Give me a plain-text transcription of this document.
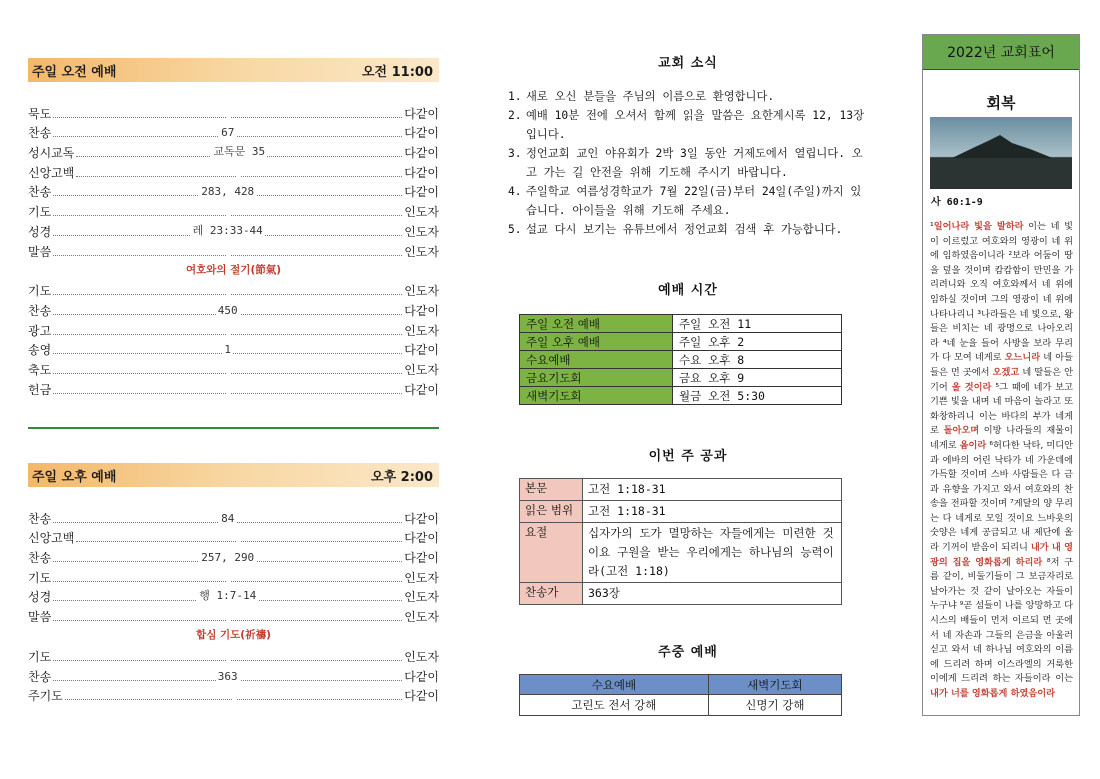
주일 오전 예배	오전 11:00
묵도	다같이
찬송	67	다같이
성시교독	교독문 35	다같이
신앙고백	다같이
찬송	283, 428	다같이
기도	인도자
성경	레 23:33-44	인도자
말씀	인도자
여호와의 절기(節氣)
기도	인도자
찬송	450	다같이
광고	인도자
송영	1	다같이
축도	인도자
헌금	다같이
주일 오후 예배	오후 2:00
찬송	84	다같이
신앙고백	다같이
찬송	257, 290	다같이
기도	인도자
성경	행 1:7-14	인도자
말씀	인도자
합심 기도(祈禱)
기도	인도자
찬송	363	다같이
주기도	다같이
교회 소식
1. 새로 오신 분들을 주님의 이름으로 환영합니다.
2. 예배 10분 전에 오셔서 함께 읽을 말씀은 요한계시록 12, 13장 입니다.
3. 정언교회 교인 야유회가 2박 3일 동안 거제도에서 열립니다. 오고 가는 길 안전을 위해 기도해 주시기 바랍니다.
4. 주일학교 여름성경학교가 7월 22일(금)부터 24일(주일)까지 있습니다. 아이들을 위해 기도해 주세요.
5. 설교 다시 보기는 유튜브에서 정언교회 검색 후 가능합니다.
예배 시간
주일 오전 예배	주일 오전 11
주일 오후 예배	주일 오후 2
수요예배	수요 오후 8
금요기도회	금요 오후 9
새벽기도회	월금 오전 5:30
이번 주 공과
본문	고전 1:18-31
읽은 범위	고전 1:18-31
요절	십자가의 도가 멸망하는 자들에게는 미련한 것이요 구원을 받는 우리에게는 하나님의 능력이라(고전 1:18)
찬송가	363장
주중 예배
수요예배	새벽기도회
고린도 전서 강해	신명기 강해
2022년 교회표어
회복
사 60:1-9
¹일어나라 빛을 발하라 이는 네 빛이 이르렀고 여호와의 영광이 네 위에 임하였음이니라 ²보라 어둠이 땅을 덮을 것이며 캄캄함이 만민을 가리려니와 오직 여호와께서 네 위에 임하실 것이며 그의 영광이 네 위에 나타나리니 ³나라들은 네 빛으로, 왕들은 비치는 네 광명으로 나아오리라 ⁴네 눈을 들어 사방을 보라 무리가 다 모여 네게로 오느니라 네 아들들은 먼 곳에서 오겠고 네 딸들은 안기어 올 것이라 ⁵그 때에 네가 보고 기쁜 빛을 내며 네 마음이 놀라고 또 화창하리니 이는 바다의 부가 네게로 돌아오며 이방 나라들의 재물이 네게로 옴이라 ⁶허다한 낙타, 미디안과 에바의 어린 낙타가 네 가운데에 가득할 것이며 스바 사람들은 다 금과 유향을 가지고 와서 여호와의 찬송을 전파할 것이며 ⁷게달의 양 무리는 다 네게로 모일 것이요 느바욧의 숫양은 네게 공급되고 내 제단에 올라 기꺼이 받음이 되리니 내가 내 영광의 집을 영화롭게 하리라 ⁸저 구름 같이, 비둘기들이 그 보금자리로 날아가는 것 같이 날아오는 자들이 누구냐 ⁹곧 섬들이 나를 앙망하고 다시스의 배들이 먼저 이르되 먼 곳에서 네 자손과 그들의 은금을 아울러 싣고 와서 네 하나님 여호와의 이름에 드리려 하며 이스라엘의 거룩한 이에게 드리려 하는 자들이라 이는 내가 너를 영화롭게 하였음이라
